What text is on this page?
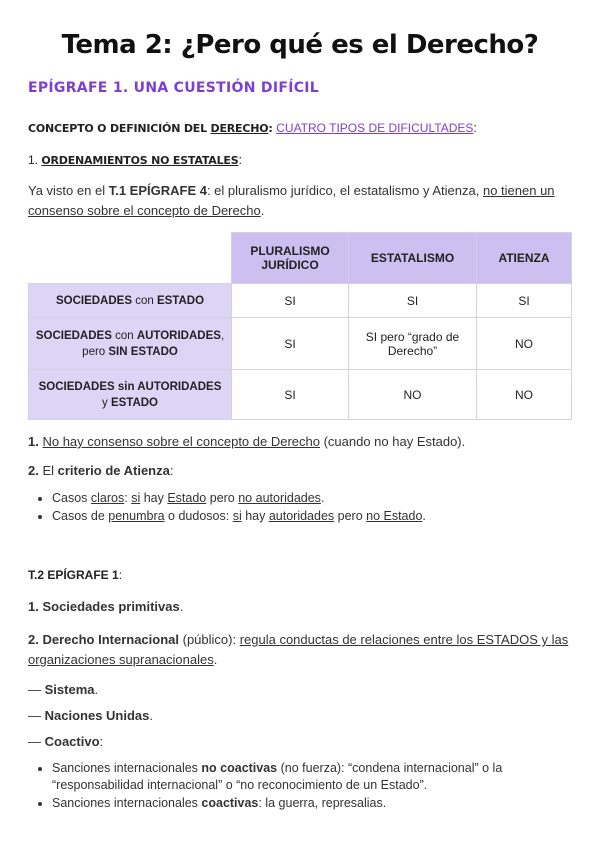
Tema 2: ¿Pero qué es el Derecho?
EPÍGRAFE 1. UNA CUESTIÓN DIFÍCIL
CONCEPTO O DEFINICIÓN DEL DERECHO: CUATRO TIPOS DE DIFICULTADES:
1. ORDENAMIENTOS NO ESTATALES:
Ya visto en el T.1 EPÍGRAFE 4: el pluralismo jurídico, el estatalismo y Atienza, no tienen un consenso sobre el concepto de Derecho.
	PLURALISMO JURÍDICO	ESTATALISMO	ATIENZA
SOCIEDADES con ESTADO	SI	SI	SI
SOCIEDADES con AUTORIDADES, pero SIN ESTADO	SI	SI pero “grado de Derecho”	NO
SOCIEDADES sin AUTORIDADES y ESTADO	SI	NO	NO
1. No hay consenso sobre el concepto de Derecho (cuando no hay Estado).
2. El criterio de Atienza:
• Casos claros: si hay Estado pero no autoridades.
• Casos de penumbra o dudosos: si hay autoridades pero no Estado.
T.2 EPÍGRAFE 1:
1. Sociedades primitivas.
2. Derecho Internacional (público): regula conductas de relaciones entre los ESTADOS y las organizaciones supranacionales.
— Sistema.
— Naciones Unidas.
— Coactivo:
• Sanciones internacionales no coactivas (no fuerza): “condena internacional” o la “responsabilidad internacional” o “no reconocimiento de un Estado”.
• Sanciones internacionales coactivas: la guerra, represalias.
